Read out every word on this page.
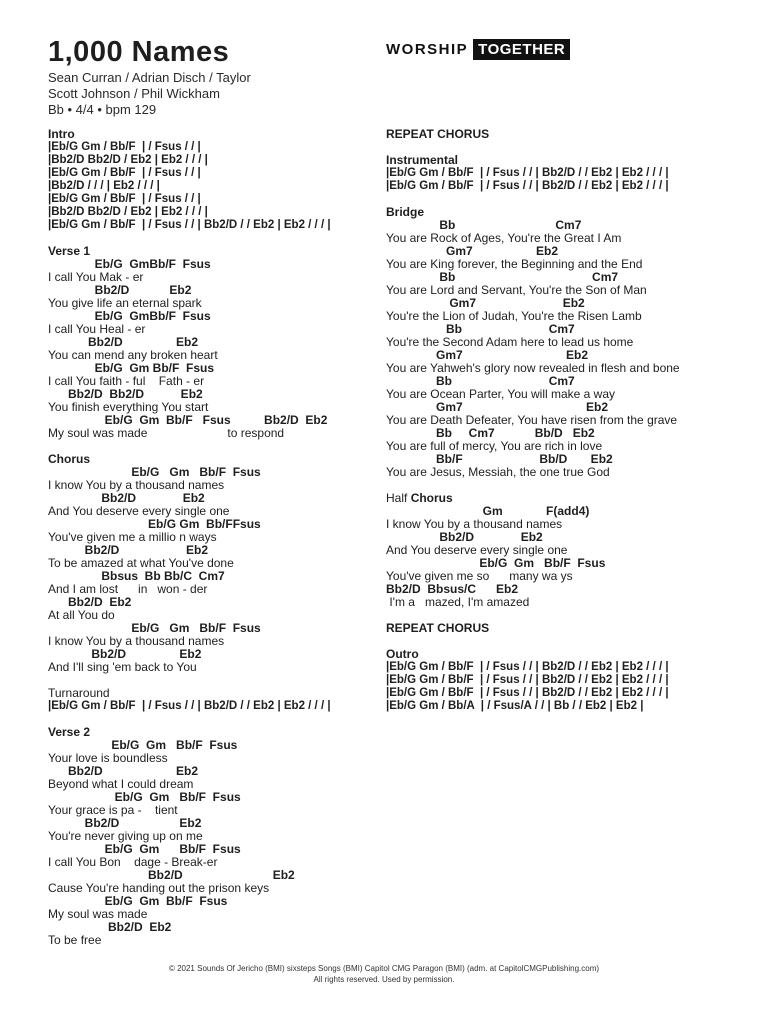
1,000 Names
Sean Curran / Adrian Disch / Taylor
Scott Johnson / Phil Wickham
Bb • 4/4 • bpm 129
WORSHIP TOGETHER
Intro
|Eb/G Gm / Bb/F  | / Fsus / / |
|Bb2/D Bb2/D / Eb2 | Eb2 / / / |
|Eb/G Gm / Bb/F  | / Fsus / / |
|Bb2/D / / / | Eb2 / / / |
|Eb/G Gm / Bb/F  | / Fsus / / |
|Bb2/D Bb2/D / Eb2 | Eb2 / / / |
|Eb/G Gm / Bb/F  | / Fsus / / | Bb2/D / / Eb2 | Eb2 / / / |
Verse 1
Eb/G  GmBb/F  Fsus
I call You Mak - er
Bb2/D            Eb2
You give life an eternal spark
Eb/G  GmBb/F  Fsus
I call You Heal - er
Bb2/D                Eb2
You can mend any broken heart
Eb/G  Gm Bb/F  Fsus
I call You faith - ful    Fath - er
Bb2/D  Bb2/D           Eb2
You finish everything You start
Eb/G  Gm  Bb/F   Fsus          Bb2/D  Eb2
My soul was made                        to respond
Chorus
Eb/G   Gm   Bb/F  Fsus
I know You by a thousand names
Bb2/D              Eb2
And You deserve every single one
Eb/G Gm  Bb/FFsus
You've given me a millio n ways
Bb2/D                    Eb2
To be amazed at what You've done
Bbsus  Bb Bb/C  Cm7
And I am lost      in   won - der
Bb2/D  Eb2
At all You do
Eb/G   Gm   Bb/F  Fsus
I know You by a thousand names
Bb2/D                Eb2
And I'll sing 'em back to You
Turnaround
|Eb/G Gm / Bb/F  | / Fsus / / | Bb2/D / / Eb2 | Eb2 / / / |
Verse 2
Eb/G  Gm   Bb/F  Fsus
Your love is boundless
Bb2/D                      Eb2
Beyond what I could dream
Eb/G  Gm   Bb/F  Fsus
Your grace is pa -    tient
Bb2/D                  Eb2
You're never giving up on me
Eb/G  Gm      Bb/F  Fsus
I call You Bon    dage - Break-er
Bb2/D                           Eb2
Cause You're handing out the prison keys
Eb/G  Gm  Bb/F  Fsus
My soul was made
Bb2/D  Eb2
To be free
REPEAT CHORUS
Instrumental
|Eb/G Gm / Bb/F  | / Fsus / / | Bb2/D / / Eb2 | Eb2 / / / |
|Eb/G Gm / Bb/F  | / Fsus / / | Bb2/D / / Eb2 | Eb2 / / / |
Bridge
Bb                              Cm7
You are Rock of Ages, You're the Great I Am
Gm7                   Eb2
You are King forever, the Beginning and the End
Bb                                         Cm7
You are Lord and Servant, You're the Son of Man
Gm7                          Eb2
You're the Lion of Judah, You're the Risen Lamb
Bb                          Cm7
You're the Second Adam here to lead us home
Gm7                               Eb2
You are Yahweh's glory now revealed in flesh and bone
Bb                             Cm7
You are Ocean Parter, You will make a way
Gm7                                     Eb2
You are Death Defeater, You have risen from the grave
Bb     Cm7            Bb/D   Eb2
You are full of mercy, You are rich in love
Bb/F                       Bb/D       Eb2
You are Jesus, Messiah, the one true God
Half Chorus
Gm             F(add4)
I know You by a thousand names
Bb2/D              Eb2
And You deserve every single one
Eb/G  Gm   Bb/F  Fsus
You've given me so      many wa ys
Bb2/D  Bbsus/C      Eb2
I'm a   mazed, I'm amazed
REPEAT CHORUS
Outro
|Eb/G Gm / Bb/F  | / Fsus / / | Bb2/D / / Eb2 | Eb2 / / / |
|Eb/G Gm / Bb/F  | / Fsus / / | Bb2/D / / Eb2 | Eb2 / / / |
|Eb/G Gm / Bb/F  | / Fsus / / | Bb2/D / / Eb2 | Eb2 / / / |
|Eb/G Gm / Bb/A  | / Fsus/A / / | Bb / / Eb2 | Eb2 |
© 2021 Sounds Of Jericho (BMI) sixsteps Songs (BMI) Capitol CMG Paragon (BMI) (adm. at CapitolCMGPublishing.com)
All rights reserved. Used by permission.
